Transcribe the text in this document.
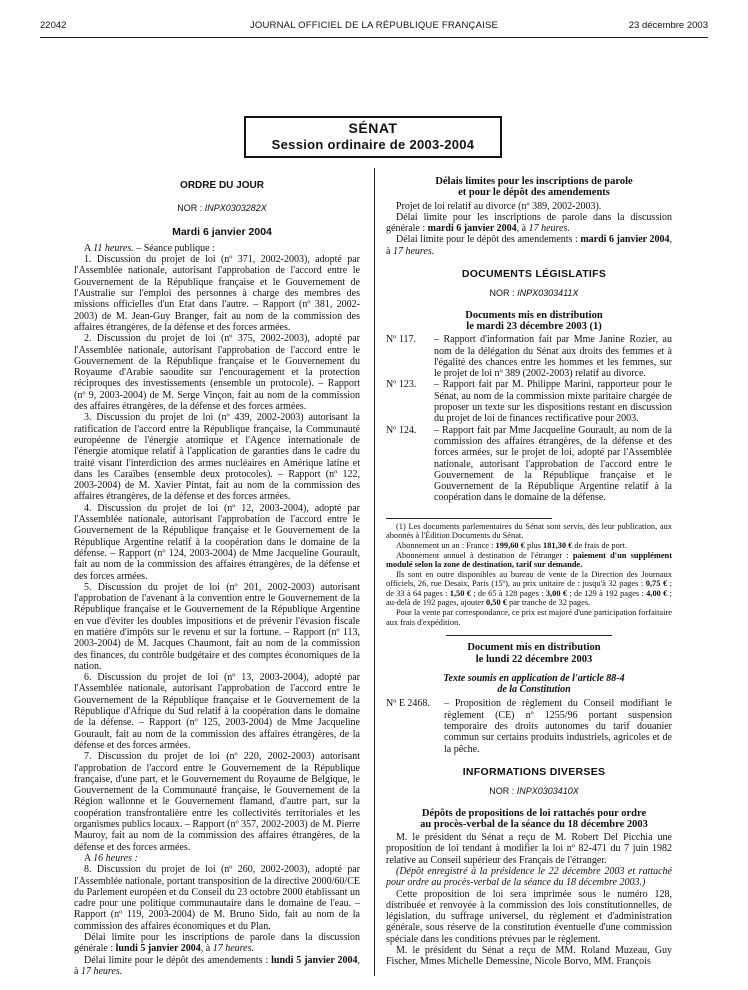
22042	JOURNAL OFFICIEL DE LA RÉPUBLIQUE FRANÇAISE	23 décembre 2003
SÉNAT
Session ordinaire de 2003-2004

ORDRE DU JOUR

NOR : INPX0303282X

Mardi 6 janvier 2004

A 11 heures. – Séance publique :

1. Discussion du projet de loi (nº 371, 2002-2003), adopté par l'Assemblée nationale, autorisant l'approbation de l'accord entre le Gouvernement de la République française et le Gouvernement de l'Australie sur l'emploi des personnes à charge des membres des missions officielles d'un Etat dans l'autre. – Rapport (nº 381, 2002-2003) de M. Jean-Guy Branger, fait au nom de la commission des affaires étrangères, de la défense et des forces armées.

2. Discussion du projet de loi (nº 375, 2002-2003), adopté par l'Assemblée nationale, autorisant l'approbation de l'accord entre le Gouvernement de la République française et le Gouvernement du Royaume d'Arabie saoudite sur l'encouragement et la protection réciproques des investissements (ensemble un protocole). – Rapport (nº 9, 2003-2004) de M. Serge Vinçon, fait au nom de la commission des affaires étrangères, de la défense et des forces armées.

3. Discussion du projet de loi (nº 439, 2002-2003) autorisant la ratification de l'accord entre la République française, la Communauté européenne de l'énergie atomique et l'Agence internationale de l'énergie atomique relatif à l'application de garanties dans le cadre du traité visant l'interdiction des armes nucléaires en Amérique latine et dans les Caraïbes (ensemble deux protocoles). – Rapport (nº 122, 2003-2004) de M. Xavier Pintat, fait au nom de la commission des affaires étrangères, de la défense et des forces armées.

4. Discussion du projet de loi (nº 12, 2003-2004), adopté par l'Assemblée nationale, autorisant l'approbation de l'accord entre le Gouvernement de la République française et le Gouvernement de la République Argentine relatif à la coopération dans le domaine de la défense. – Rapport (nº 124, 2003-2004) de Mme Jacqueline Gourault, fait au nom de la commission des affaires étrangères, de la défense et des forces armées.

5. Discussion du projet de loi (nº 201, 2002-2003) autorisant l'approbation de l'avenant à la convention entre le Gouvernement de la République française et le Gouvernement de la République Argentine en vue d'éviter les doubles impositions et de prévenir l'évasion fiscale en matière d'impôts sur le revenu et sur la fortune. – Rapport (nº 113, 2003-2004) de M. Jacques Chaumont, fait au nom de la commission des finances, du contrôle budgétaire et des comptes économiques de la nation.

6. Discussion du projet de loi (nº 13, 2003-2004), adopté par l'Assemblée nationale, autorisant l'approbation de l'accord entre le Gouvernement de la République française et le Gouvernement de la République d'Afrique du Sud relatif à la coopération dans le domaine de la défense. – Rapport (nº 125, 2003-2004) de Mme Jacqueline Gourault, fait au nom de la commission des affaires étrangères, de la défense et des forces armées.

7. Discussion du projet de loi (nº 220, 2002-2003) autorisant l'approbation de l'accord entre le Gouvernement de la République française, d'une part, et le Gouvernement du Royaume de Belgique, le Gouvernement de la Communauté française, le Gouvernement de la Région wallonne et le Gouvernement flamand, d'autre part, sur la coopération transfrontalière entre les collectivités territoriales et les organismes publics locaux. – Rapport (nº 357, 2002-2003) de M. Pierre Mauroy, fait au nom de la commission des affaires étrangères, de la défense et des forces armées.

A 16 heures :

8. Discussion du projet de loi (nº 260, 2002-2003), adopté par l'Assemblée nationale, portant transposition de la directive 2000/60/CE du Parlement européen et du Conseil du 23 octobre 2000 établissant un cadre pour une politique communautaire dans le domaine de l'eau. – Rapport (nº 119, 2003-2004) de M. Bruno Sido, fait au nom de la commission des affaires économiques et du Plan.

Délai limite pour les inscriptions de parole dans la discussion générale : lundi 5 janvier 2004, à 17 heures.

Délai limite pour le dépôt des amendements : lundi 5 janvier 2004, à 17 heures.

Délais limites pour les inscriptions de parole

et pour le dépôt des amendements

Projet de loi relatif au divorce (nº 389, 2002-2003).

Délai limite pour les inscriptions de parole dans la discussion générale : mardi 6 janvier 2004, à 17 heures.

Délai limite pour le dépôt des amendements : mardi 6 janvier 2004, à 17 heures.

DOCUMENTS LÉGISLATIFS

NOR : INPX0303411X

Documents mis en distribution

le mardi 23 décembre 2003 (1)

Nº 117. – Rapport d'information fait par Mme Janine Rozier, au nom de la délégation du Sénat aux droits des femmes et à l'égalité des chances entre les hommes et les femmes, sur le projet de loi nº 389 (2002-2003) relatif au divorce.

Nº 123. – Rapport fait par M. Philippe Marini, rapporteur pour le Sénat, au nom de la commission mixte paritaire chargée de proposer un texte sur les dispositions restant en discussion du projet de loi de finances rectificative pour 2003.

Nº 124. – Rapport fait par Mme Jacqueline Gourault, au nom de la commission des affaires étrangères, de la défense et des forces armées, sur le projet de loi, adopté par l'Assemblée nationale, autorisant l'approbation de l'accord entre le Gouvernement de la République française et le Gouvernement de la République Argentine relatif à la coopération dans le domaine de la défense.

(1) Les documents parlementaires du Sénat sont servis, dès leur publication, aux abonnés à l'Édition Documents du Sénat.

Abonnement un an : France : 199,60 € plus 181,30 € de frais de port.

Abonnement annuel à destination de l'étranger : paiement d'un supplément modulé selon la zone de destination, tarif sur demande.

Ils sont en outre disponibles au bureau de vente de la Direction des Journaux officiels, 26, rue Desaix, Paris (15º), au prix unitaire de : jusqu'à 32 pages : 0,75 € ; de 33 à 64 pages : 1,50 € ; de 65 à 128 pages : 3,00 € ; de 129 à 192 pages : 4,00 € ; au-delà de 192 pages, ajouter 0,50 € par tranche de 32 pages.

Pour la vente par correspondance, ce prix est majoré d'une participation forfaitaire aux frais d'expédition.

Document mis en distribution

le lundi 22 décembre 2003

Texte soumis en application de l'article 88-4

de la Constitution

Nº E 2468. – Proposition de règlement du Conseil modifiant le règlement (CE) nº 1255/96 portant suspension temporaire des droits autonomes du tarif douanier commun sur certains produits industriels, agricoles et de la pêche.

INFORMATIONS DIVERSES

NOR : INPX0303410X

Dépôts de propositions de loi rattachés pour ordre

au procès-verbal de la séance du 18 décembre 2003

M. le président du Sénat a reçu de M. Robert Del Picchia une proposition de loi tendant à modifier la loi nº 82-471 du 7 juin 1982 relative au Conseil supérieur des Français de l'étranger.

(Dépôt enregistré à la présidence le 22 décembre 2003 et rattaché pour ordre au procès-verbal de la séance du 18 décembre 2003.)

Cette proposition de loi sera imprimée sous le numéro 128, distribuée et renvoyée à la commission des lois constitutionnelles, de législation, du suffrage universel, du règlement et d'administration générale, sous réserve de la constitution éventuelle d'une commission spéciale dans les conditions prévues par le règlement.

M. le président du Sénat a reçu de MM. Roland Muzeau, Guy Fischer, Mmes Michelle Demessine, Nicole Borvo, MM. François
